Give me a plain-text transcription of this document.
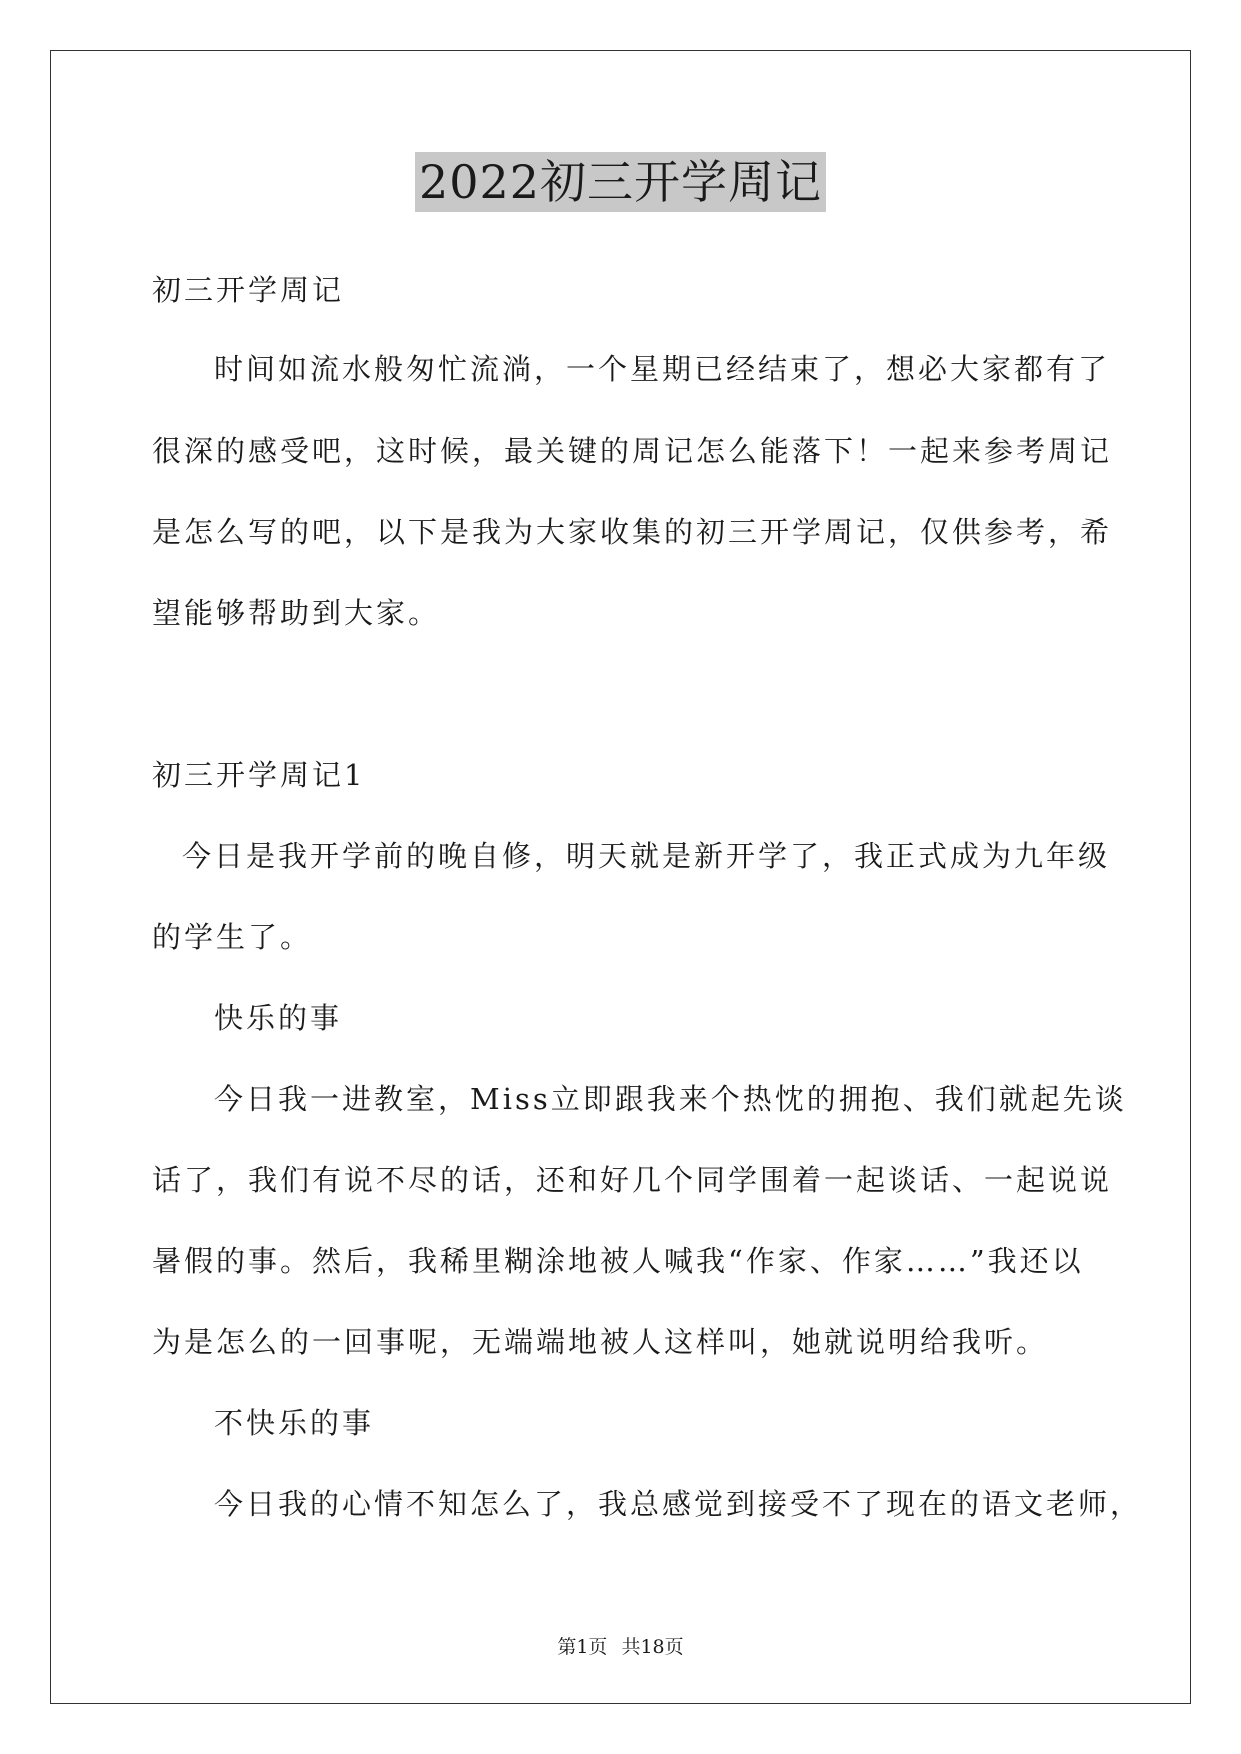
2022初三开学周记
初三开学周记
时间如流水般匆忙流淌，一个星期已经结束了，想必大家都有了
很深的感受吧，这时候，最关键的周记怎么能落下！一起来参考周记
是怎么写的吧，以下是我为大家收集的初三开学周记，仅供参考，希
望能够帮助到大家。
初三开学周记1
今日是我开学前的晚自修，明天就是新开学了，我正式成为九年级
的学生了。
快乐的事
今日我一进教室，Miss立即跟我来个热忱的拥抱、我们就起先谈
话了，我们有说不尽的话，还和好几个同学围着一起谈话、一起说说
暑假的事。然后，我稀里糊涂地被人喊我“作家、作家……”我还以
为是怎么的一回事呢，无端端地被人这样叫，她就说明给我听。
不快乐的事
今日我的心情不知怎么了，我总感觉到接受不了现在的语文老师，
第1页 共18页
